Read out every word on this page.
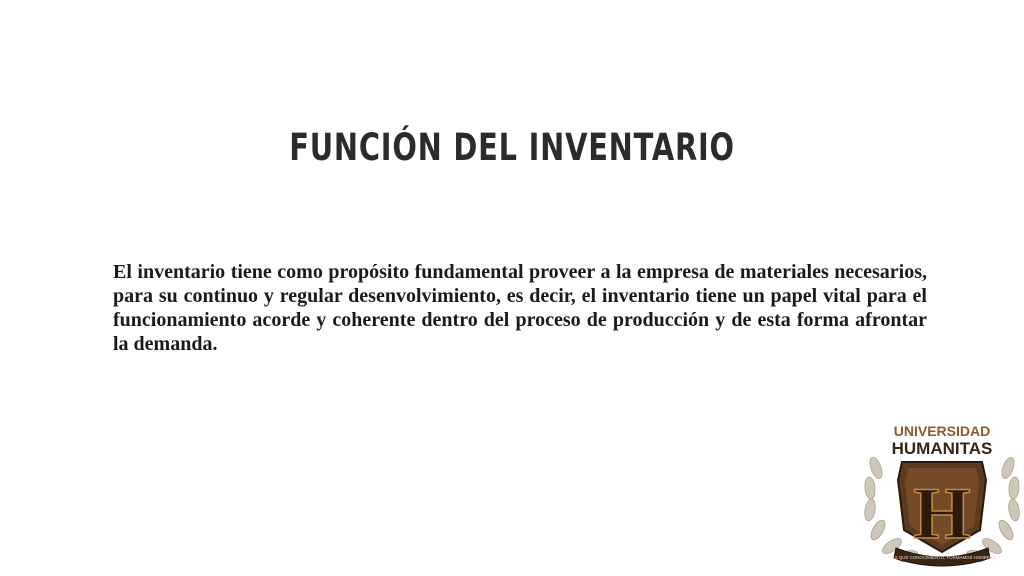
FUNCIÓN DEL INVENTARIO
El inventario tiene como propósito fundamental proveer a la empresa de materiales necesarios, para su continuo y regular desenvolvimiento, es decir, el inventario tiene un papel vital para el funcionamiento acorde y coherente dentro del proceso de producción y de esta forma afrontar la demanda.
H
UNIVERSIDAD
HUMANITAS
MÁS QUE CONOCIMIENTO, FORMAMOS HOMBRES
